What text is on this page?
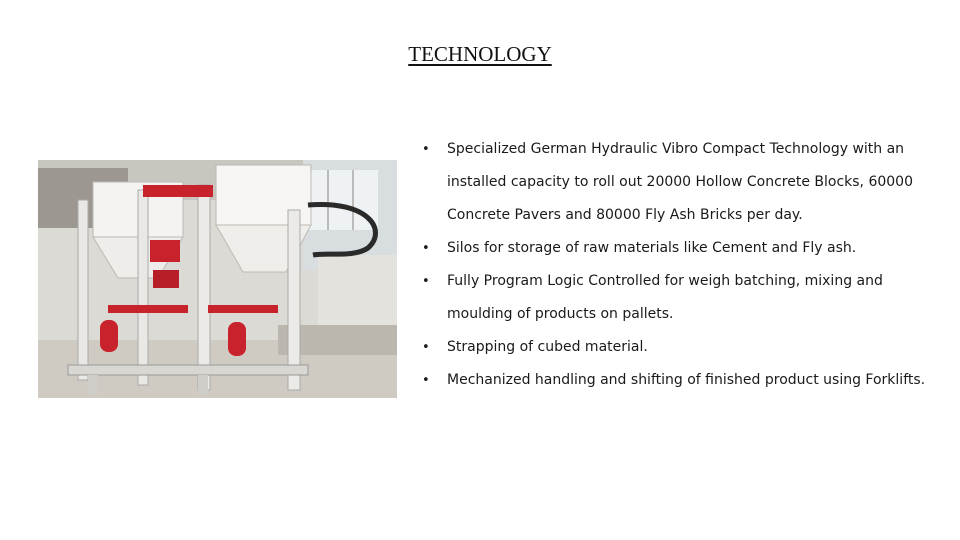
TECHNOLOGY
• Specialized German Hydraulic Vibro Compact Technology with an installed capacity to roll out 20000 Hollow Concrete Blocks, 60000 Concrete Pavers and 80000 Fly Ash Bricks per day.
• Silos for storage of raw materials like Cement and Fly ash.
• Fully Program Logic Controlled for weigh batching, mixing and moulding of products on pallets.
• Strapping of cubed material.
• Mechanized handling and shifting of finished product using Forklifts.
